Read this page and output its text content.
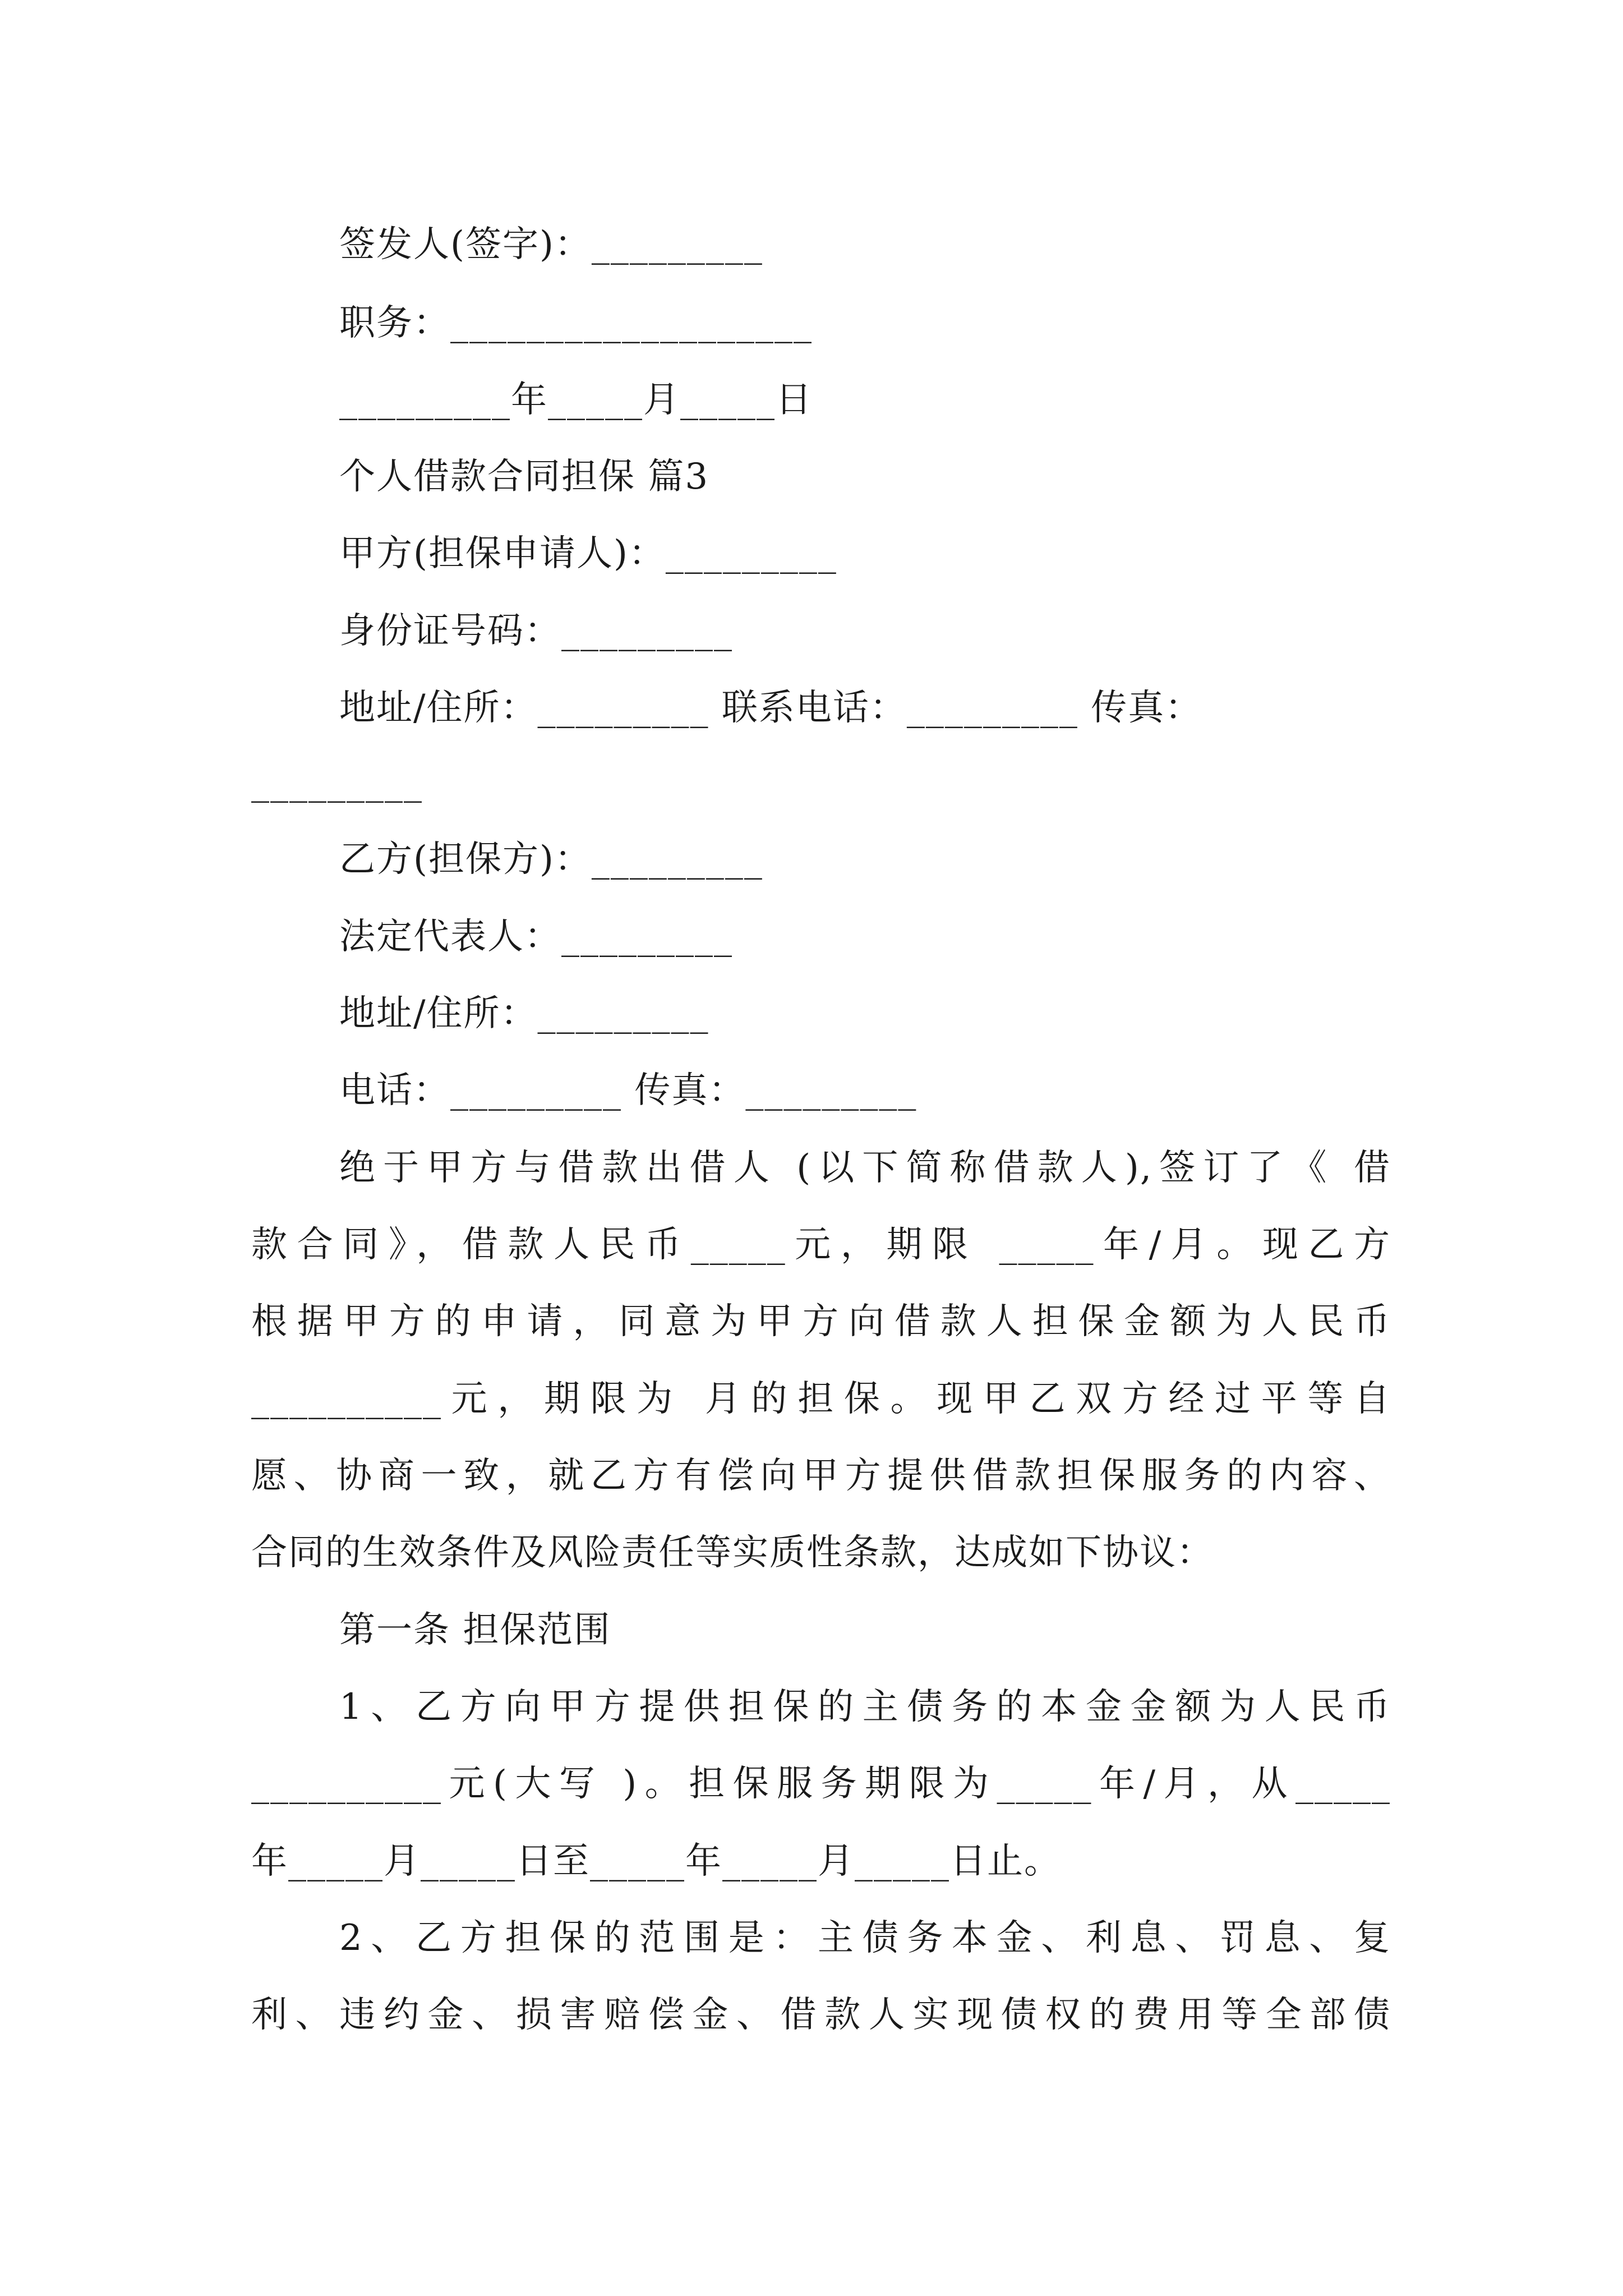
签发人(签字)：_________
职务：___________________
_________年_____月_____日
个人借款合同担保 篇3
甲方(担保申请人)：_________
身份证号码：_________
地址/住所：_________ 联系电话：_________ 传真：
_________
乙方(担保方)：_________
法定代表人：_________
地址/住所：_________
电话：_________ 传真：_________
绝于甲方与借款出借人 (以下简称借款人),签订了《 借
款合同》，借款人民币_____元，期限 _____年/月。现乙方
根据甲方的申请，同意为甲方向借款人担保金额为人民币
__________元，期限为 月的担保。现甲乙双方经过平等自
愿、协商一致，就乙方有偿向甲方提供借款担保服务的内容、
合同的生效条件及风险责任等实质性条款，达成如下协议：
第一条 担保范围
1、乙方向甲方提供担保的主债务的本金金额为人民币
__________元(大写 )。担保服务期限为_____年/月，从_____
年_____月_____日至_____年_____月_____日止。
2、乙方担保的范围是：主债务本金、利息、罚息、复
利、违约金、损害赔偿金、借款人实现债权的费用等全部债
